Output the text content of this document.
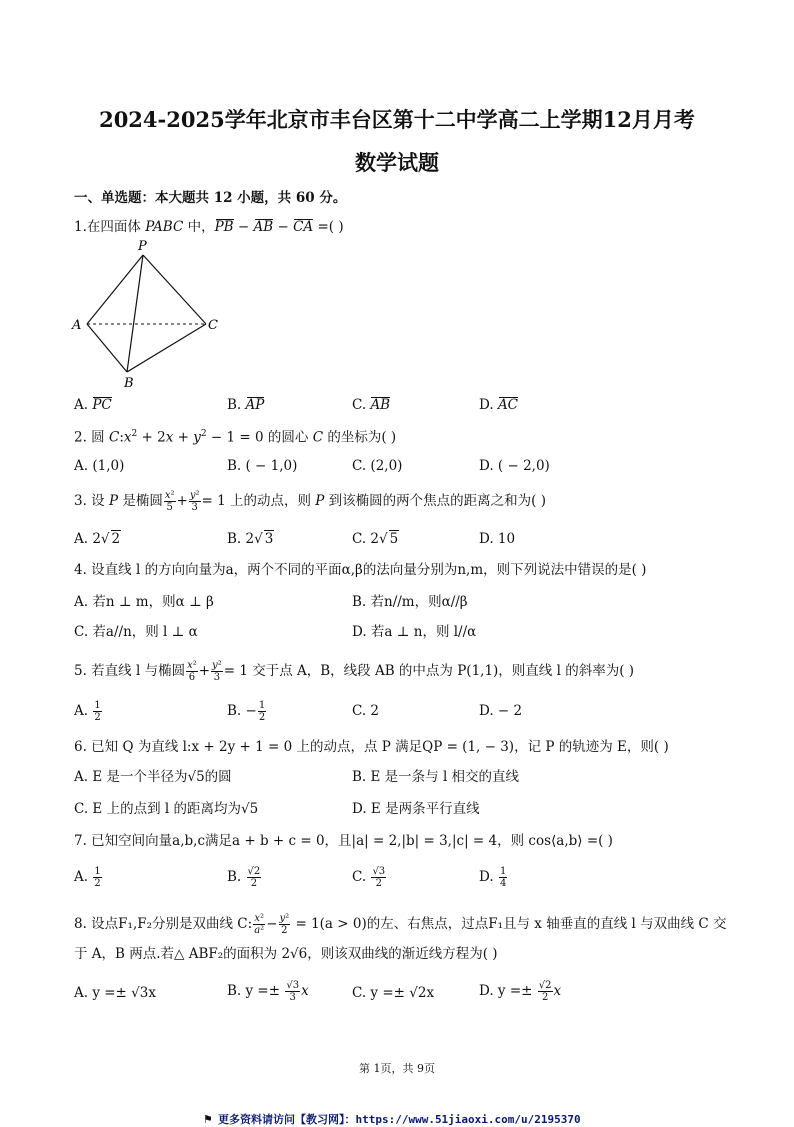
2024-2025学年北京市丰台区第十二中学高二上学期12月月考
数学试题
一、单选题：本大题共 12 小题，共 60 分。
1.在四面体 PABC 中，PB − AB − CA =( )
P
A	C
B
A. PC	B. AP	C. AB	D. AC
2. 圆 $C:x^2 + 2x + y^2 - 1 = 0$ 的圆心 C 的坐标为( )
A. (1,0)	B. ( − 1,0)	C. (2,0)	D. ( − 2,0)
3. 设 P 是椭圆 $\frac{\text{x²}}{5} + \frac{\text{y²}}{3} = 1$ 上的动点，则 P 到该椭圆的两个焦点的距离之和为( )
A. 2√ 2	B. 2√ 3	C. 2√ 5	D. 10
4. 设直线 l 的方向向量为a，两个不同的平面α,β的法向量分别为n,m，则下列说法中错误的是( )
A. 若n ⊥ m，则α ⊥ β	B. 若n//m，则α//β
C. 若a//n，则 l ⊥ α	D. 若a ⊥ n，则 l//α
5. 若直线 l 与椭圆 $\frac{\text{x²}}{6} + \frac{\text{y²}}{3} = 1$ 交于点 A，B，线段 AB 的中点为 P(1,1)，则直线 l 的斜率为( )
A. $\frac{1}{2}$	B. − $\frac{1}{2}$	C. 2	D. − 2
6. 已知 Q 为直线 l:x + 2y + 1 = 0 上的动点，点 P 满足QP = (1, − 3)，记 P 的轨迹为 E，则( )
A. E 是一个半径为√5的圆	B. E 是一条与 l 相交的直线
C. E 上的点到 l 的距离均为√5	D. E 是两条平行直线
7. 已知空间向量a,b,c满足a + b + c = 0，且|a| = 2,|b| = 3,|c| = 4，则 cos⟨a,b⟩ =( )
A. $\frac{1}{2}$	B. $\frac{√2}{2}$	C. $\frac{√3}{2}$	D. $\frac{1}{4}$
8. 设点F₁,F₂分别是双曲线 C: $\frac{\text{x²}}{\text{a²}} - \frac{\text{y²}}{2} = 1(a > 0)$的左、右焦点，过点F₁且与 x 轴垂直的直线 l 与双曲线 C 交
于 A，B 两点.若△ ABF₂的面积为 2√6，则该双曲线的渐近线方程为( )
A. y =± √3x	B. $y =\pm \frac{√3}{3}$ x	C. y =± √2x	D. $y =\pm \frac{√2}{2}$ x
第 1页，共 9页
⚑ 更多资料请访问【教习网】：https://www.51jiaoxi.com/u/2195370
